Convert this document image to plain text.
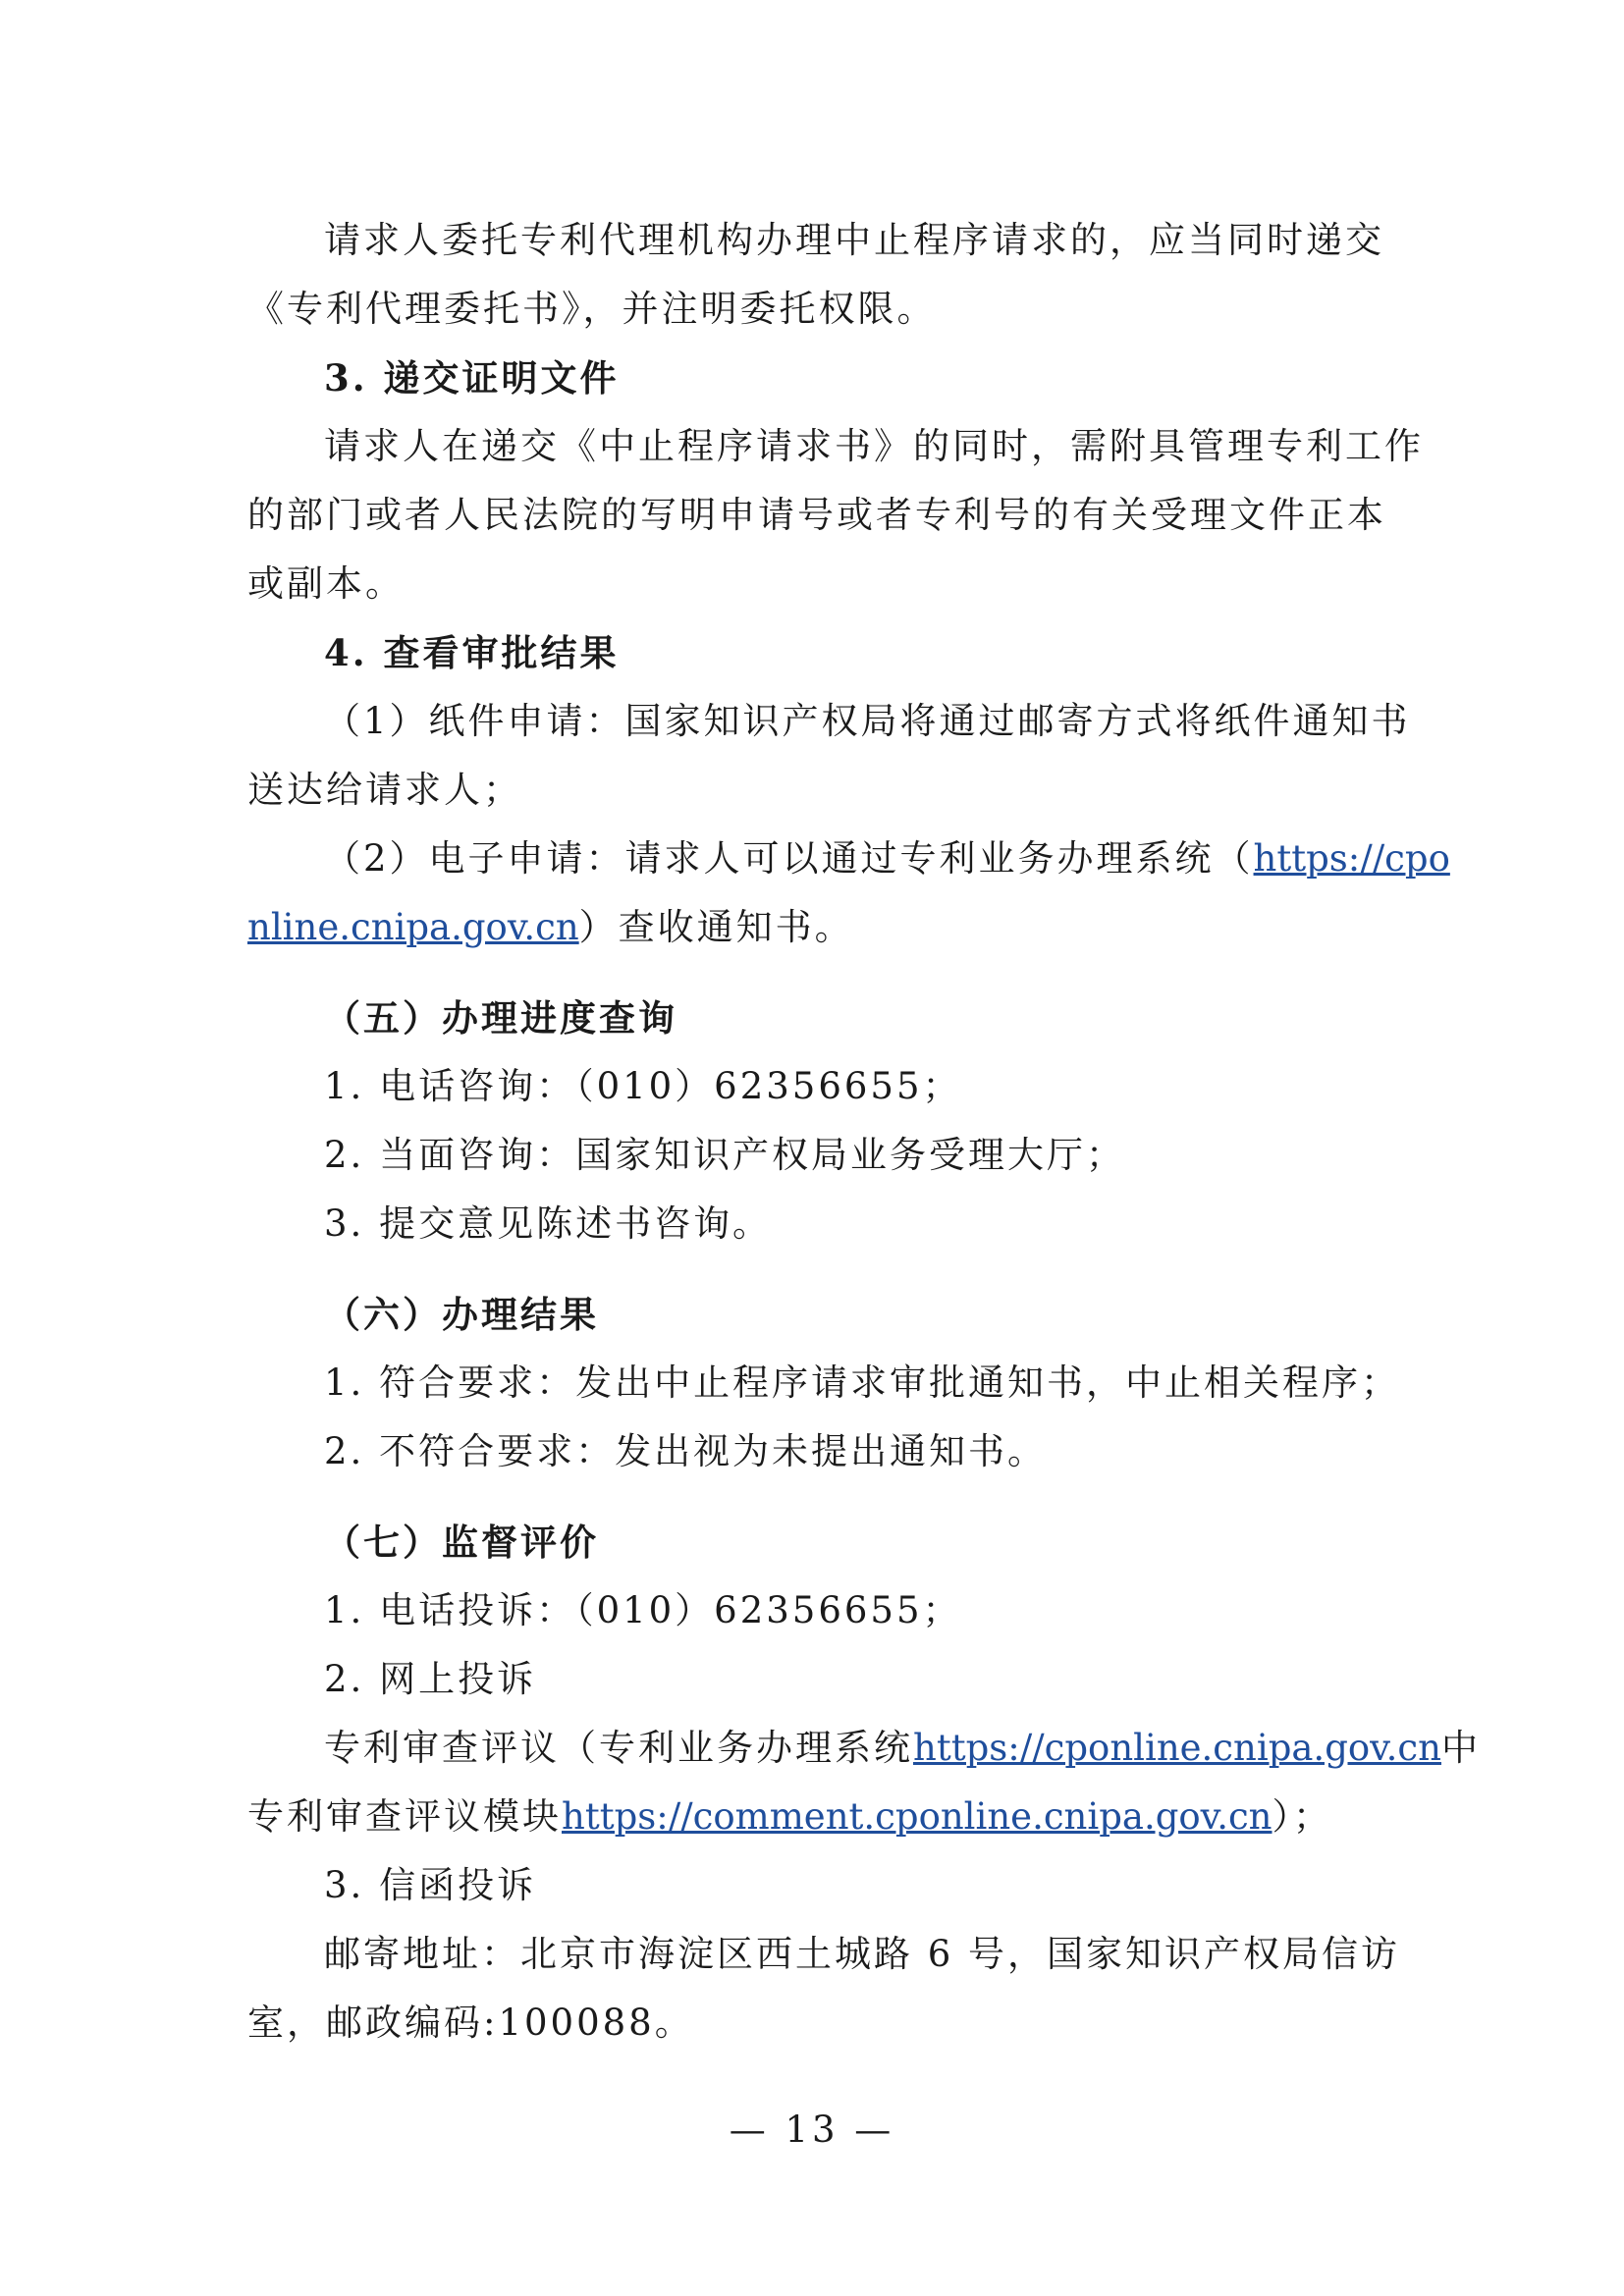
请求人委托专利代理机构办理中止程序请求的，应当同时递交
《专利代理委托书》，并注明委托权限。
3. 递交证明文件
请求人在递交《中止程序请求书》的同时，需附具管理专利工作
的部门或者人民法院的写明申请号或者专利号的有关受理文件正本
或副本。
4. 查看审批结果
（1）纸件申请：国家知识产权局将通过邮寄方式将纸件通知书
送达给请求人；
（2）电子申请：请求人可以通过专利业务办理系统（https://cpo
nline.cnipa.gov.cn）查收通知书。
（五）办理进度查询
1. 电话咨询：（010）62356655；
2. 当面咨询：国家知识产权局业务受理大厅；
3. 提交意见陈述书咨询。
（六）办理结果
1. 符合要求：发出中止程序请求审批通知书，中止相关程序；
2. 不符合要求：发出视为未提出通知书。
（七）监督评价
1. 电话投诉：（010）62356655；
2. 网上投诉
专利审查评议（专利业务办理系统https://cponline.cnipa.gov.cn中
专利审查评议模块https://comment.cponline.cnipa.gov.cn）；
3. 信函投诉
邮寄地址：北京市海淀区西土城路 6 号，国家知识产权局信访
室，邮政编码:100088。
— 13 —
